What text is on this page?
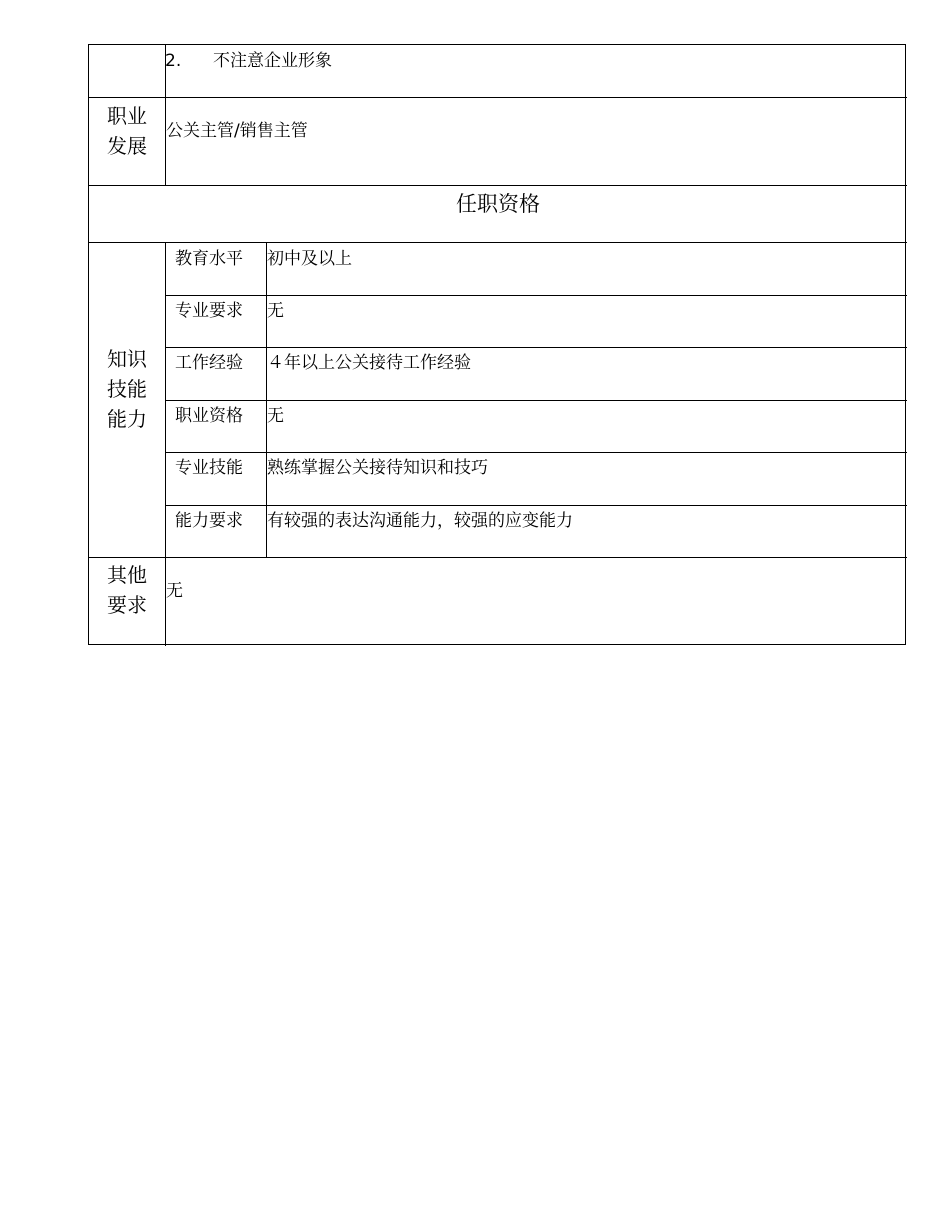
2. 不注意企业形象
职业
发展
公关主管/销售主管
任职资格
知识
技能
能力
教育水平 初中及以上
专业要求 无
工作经验 ４年以上公关接待工作经验
职业资格 无
专业技能 熟练掌握公关接待知识和技巧
能力要求 有较强的表达沟通能力，较强的应变能力
其他
要求
无
